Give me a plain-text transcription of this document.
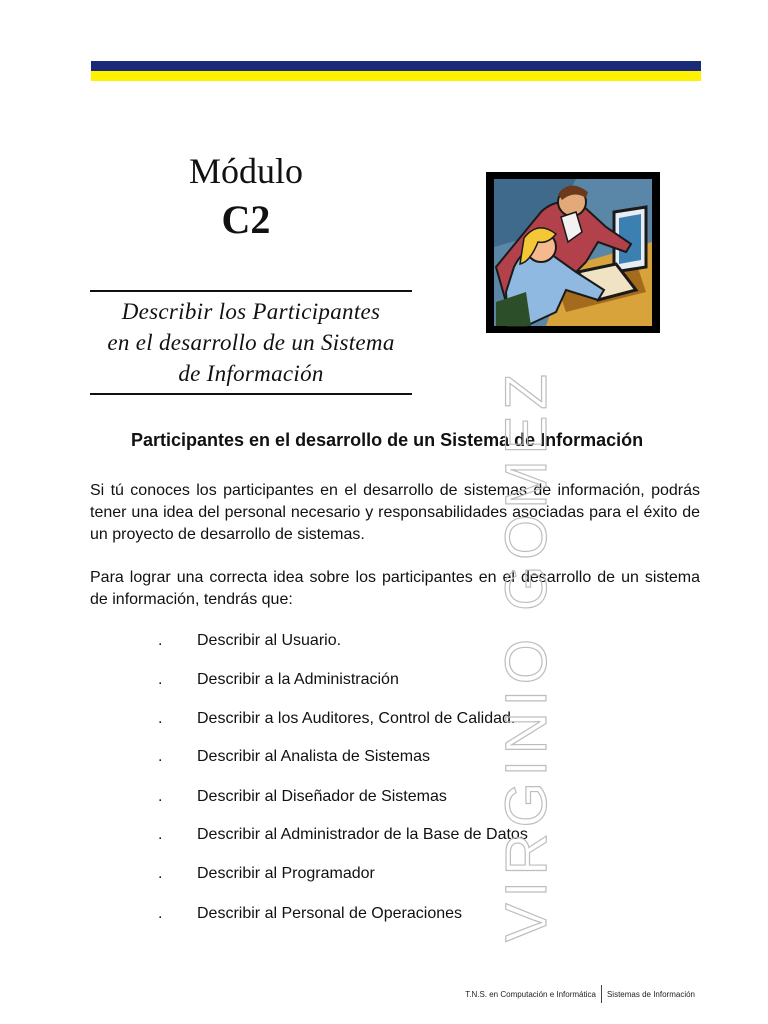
Módulo
C2
Describir los Participantes
en el desarrollo de un Sistema
de Información
Participantes en el desarrollo de un Sistema de Información
Si tú conoces los participantes en el desarrollo de sistemas de información, podrás tener una idea del personal necesario y responsabilidades asociadas para el éxito de un proyecto de desarrollo de sistemas.
Para lograr una correcta idea sobre los participantes en el desarrollo de un sistema de información, tendrás que:
. Describir al Usuario.
. Describir a la Administración
. Describir a los Auditores, Control de Calidad.
. Describir al Analista de Sistemas
. Describir al Diseñador de Sistemas
. Describir al Administrador de la Base de Datos
. Describir al Programador
. Describir al Personal de Operaciones VIRGINIO GOMEZ
T.N.S. en Computación e Informática Sistemas de Información
